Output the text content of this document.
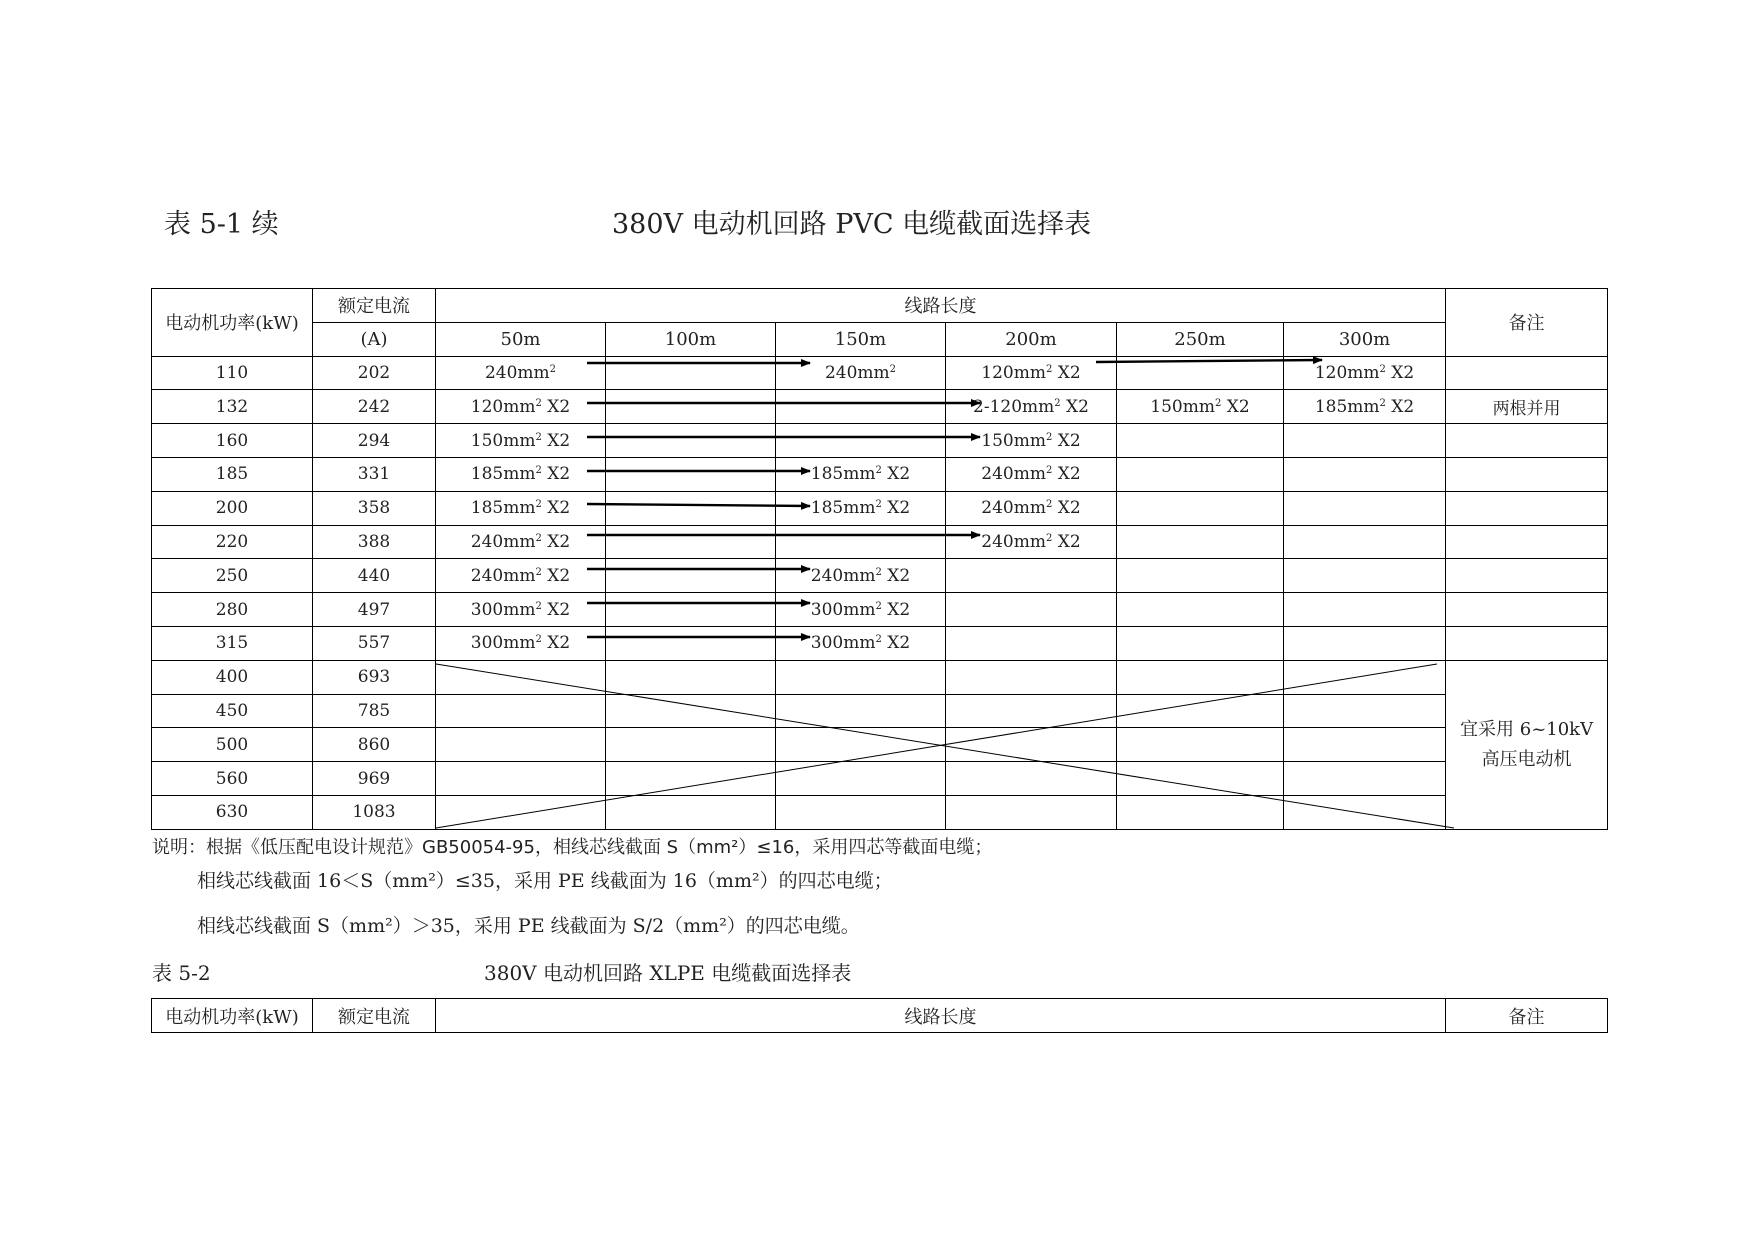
表 5-1 续	380V 电动机回路 PVC 电缆截面选择表
电动机功率(kW)	额定电流	线路长度						备注
	(A)	50m	100m	150m	200m	250m	300m	
110	202	$240mm^2$		$240mm^2$	$120mm^2$ X2		$120mm^2$ X2	
132	242	$120mm^2$ X2			$2-120mm^2$ X2	$150mm^2$ X2	$185mm^2$ X2	两根并用
160	294	$150mm^2$ X2			$150mm^2$ X2			
185	331	$185mm^2$ X2		$185mm^2$ X2	$240mm^2$ X2			
200	358	$185mm^2$ X2		$185mm^2$ X2	$240mm^2$ X2			
220	388	$240mm^2$ X2			$240mm^2$ X2			
250	440	$240mm^2$ X2		$240mm^2$ X2				
280	497	$300mm^2$ X2		$300mm^2$ X2				
315	557	$300mm^2$ X2		$300mm^2$ X2				
400	693							宜采用 6~10kV
高压电动机

450	785							
500	860							
560	969							
630	1083							
说明：根据《低压配电设计规范》GB50054-95，相线芯线截面 S（mm²）≤16，采用四芯等截面电缆；
相线芯线截面 16＜S（mm²）≤35，采用 PE 线截面为 16（mm²）的四芯电缆；
相线芯线截面 S（mm²）＞35，采用 PE 线截面为 S/2（mm²）的四芯电缆。
表 5-2	380V 电动机回路 XLPE 电缆截面选择表
电动机功率(kW)	额定电流	线路长度	备注
